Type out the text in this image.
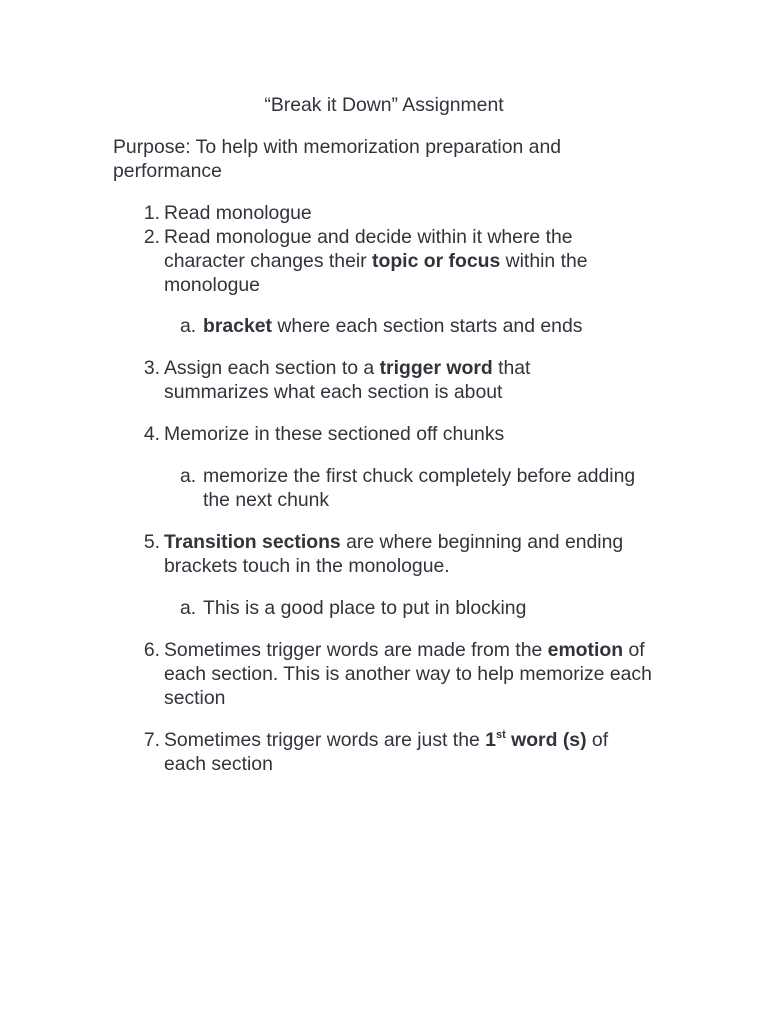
“Break it Down” Assignment
Purpose: To help with memorization preparation and performance
1. Read monologue
2. Read monologue and decide within it where the character changes their topic or focus within the monologue
a. bracket where each section starts and ends
3. Assign each section to a trigger word that summarizes what each section is about
4. Memorize in these sectioned off chunks
a. memorize the first chuck completely before adding the next chunk
5. Transition sections are where beginning and ending brackets touch in the monologue.
a. This is a good place to put in blocking
6. Sometimes trigger words are made from the emotion of each section. This is another way to help memorize each section
7. Sometimes trigger words are just the 1st word (s) of each section
